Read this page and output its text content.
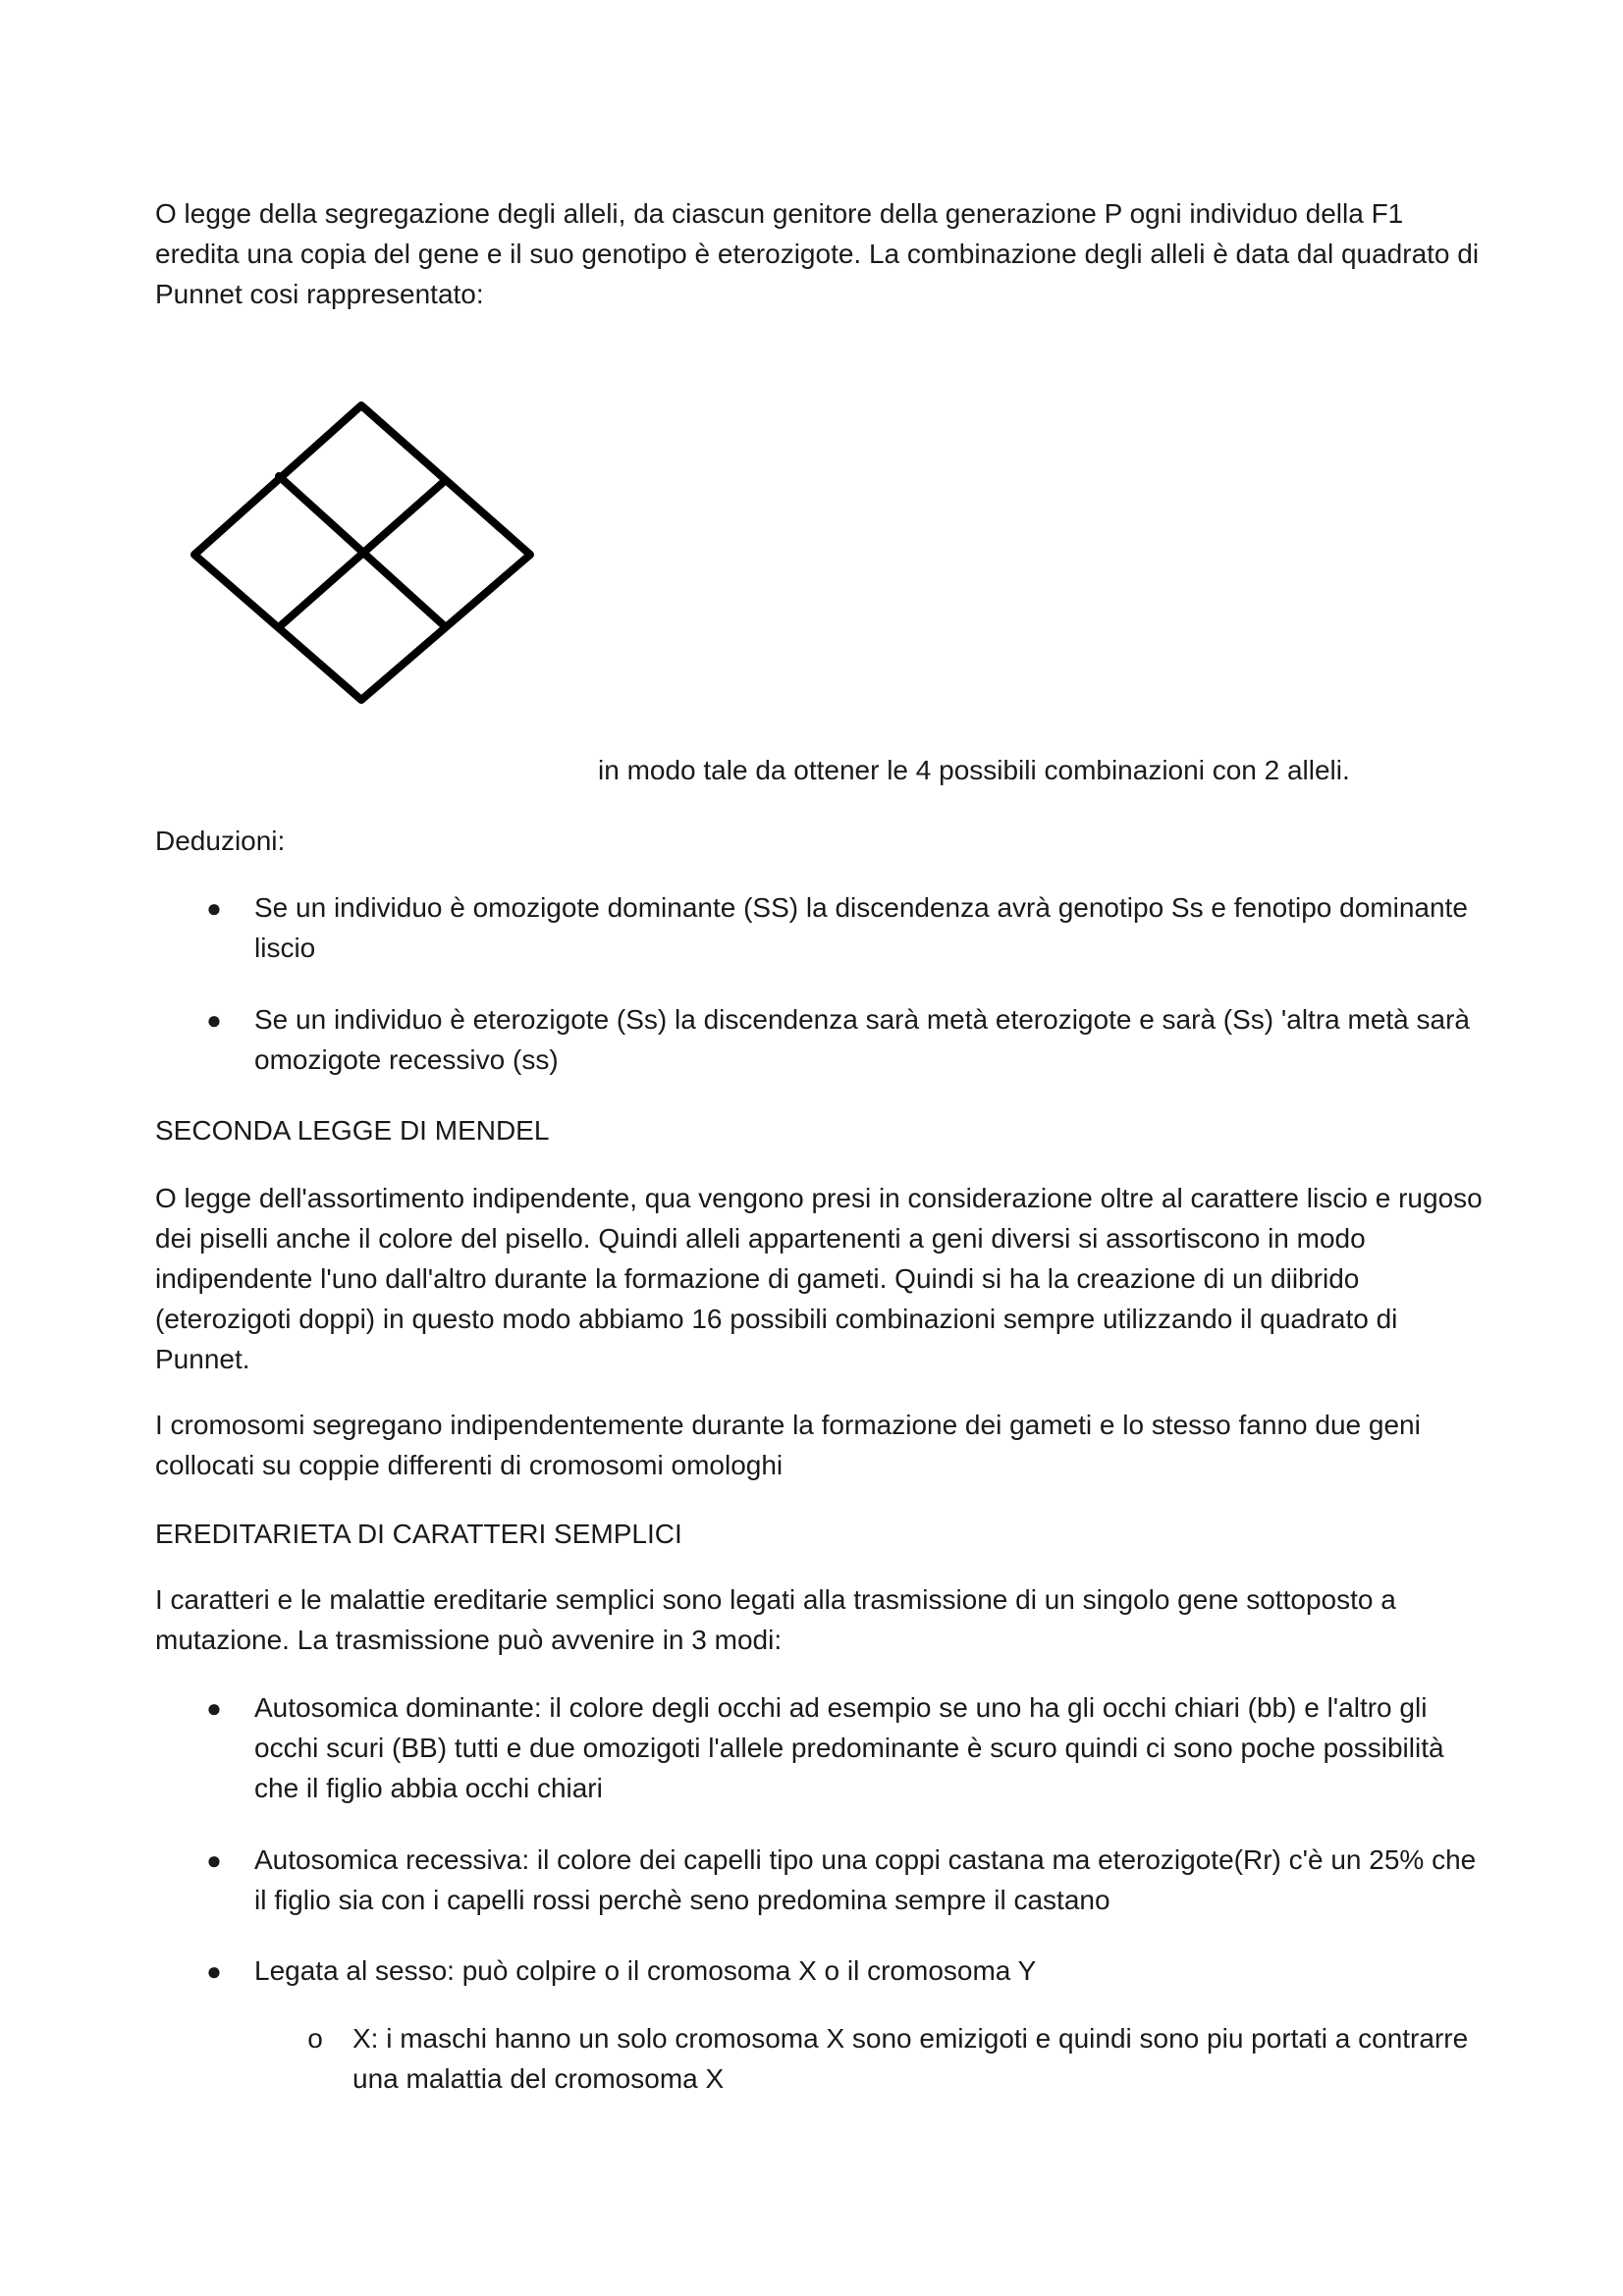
O legge della segregazione degli alleli, da ciascun genitore della generazione P ogni individuo della F1 eredita una copia del gene e il suo genotipo è eterozigote. La combinazione degli alleli è data dal quadrato di Punnet cosi rappresentato:

in modo tale da ottener le 4 possibili combinazioni con 2 alleli.

Deduzioni:

● Se un individuo è omozigote dominante (SS) la discendenza avrà genotipo Ss e fenotipo dominante liscio

● Se un individuo è eterozigote (Ss) la discendenza sarà metà eterozigote e sarà (Ss) 'altra metà sarà omozigote recessivo (ss)

SECONDA LEGGE DI MENDEL

O legge dell'assortimento indipendente, qua vengono presi in considerazione oltre al carattere liscio e rugoso dei piselli anche il colore del pisello. Quindi alleli appartenenti a geni diversi si assortiscono in modo indipendente l'uno dall'altro durante la formazione di gameti. Quindi si ha la creazione di un diibrido (eterozigoti doppi) in questo modo abbiamo 16 possibili combinazioni sempre utilizzando il quadrato di Punnet.

I cromosomi segregano indipendentemente durante la formazione dei gameti e lo stesso fanno due geni collocati su coppie differenti di cromosomi omologhi

EREDITARIETA DI CARATTERI SEMPLICI

I caratteri e le malattie ereditarie semplici sono legati alla trasmissione di un singolo gene sottoposto a mutazione. La trasmissione può avvenire in 3 modi:

● Autosomica dominante: il colore degli occhi ad esempio se uno ha gli occhi chiari (bb) e l'altro gli occhi scuri (BB) tutti e due omozigoti l'allele predominante è scuro quindi ci sono poche possibilità che il figlio abbia occhi chiari

● Autosomica recessiva: il colore dei capelli tipo una coppi castana ma eterozigote(Rr) c'è un 25% che il figlio sia con i capelli rossi perchè seno predomina sempre il castano

● Legata al sesso: può colpire o il cromosoma X o il cromosoma Y

o X: i maschi hanno un solo cromosoma X sono emizigoti e quindi sono piu portati a contrarre una malattia del cromosoma X
